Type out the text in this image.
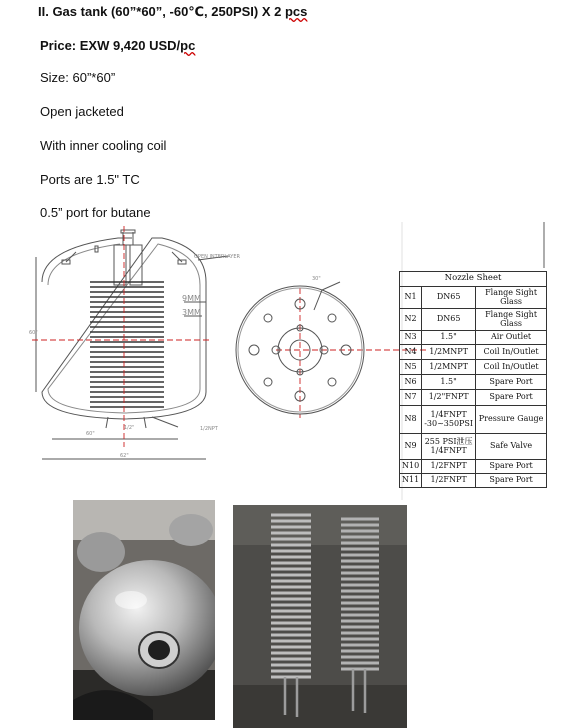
II. Gas tank (60”*60”, -60℃, 250PSI) X 2 pcs
Price: EXW 9,420 USD/pc
Size: 60”*60”
Open jacketed
With inner cooling coil
Ports are 1.5" TC
0.5” port for butane
OPEN INTERLAYER
9MM
3MM
60"
1/2"	1/2NPT
62"
60"
30"	Nozzle Sheet		
N1	DN65	Flange Sight Glass
N2	DN65	Flange Sight Glass
N3	1.5"	Air Outlet
N4	1/2MNPT	Coil In/Outlet
N5	1/2MNPT	Coil In/Outlet
N6	1.5"	Spare Port
N7	1/2"FNPT	Spare Port
N8	1/4FNPT -30~350PSI	Pressure Gauge
N9	255 PSI泄压1/4FNPT	Safe Valve
N10	1/2FNPT	Spare Port
N11	1/2FNPT	Spare Port
